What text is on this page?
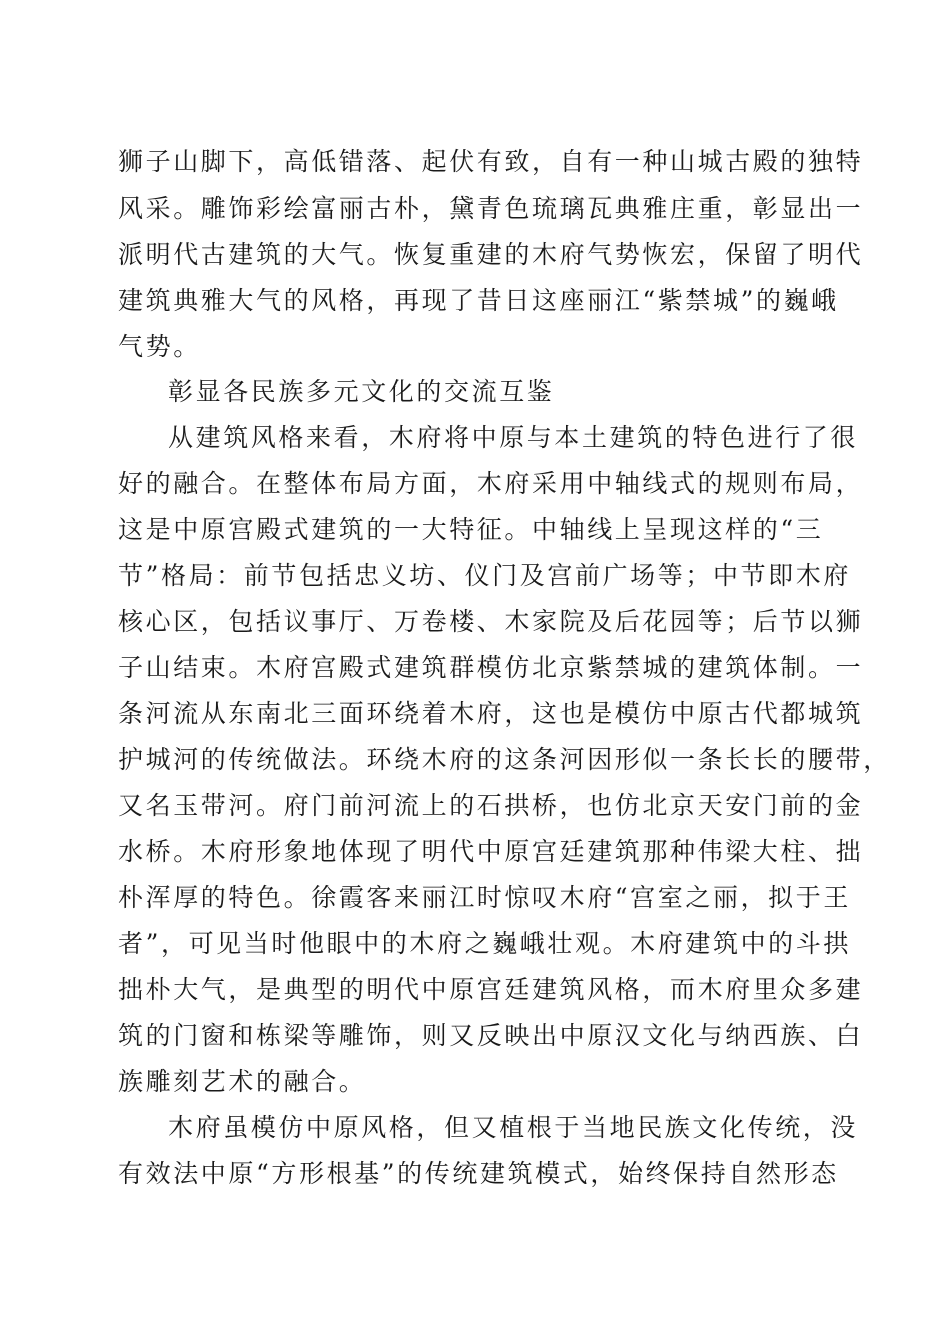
狮子山脚下，高低错落、起伏有致，自有一种山城古殿的独特
风采。雕饰彩绘富丽古朴，黛青色琉璃瓦典雅庄重，彰显出一
派明代古建筑的大气。恢复重建的木府气势恢宏，保留了明代
建筑典雅大气的风格，再现了昔日这座丽江“紫禁城”的巍峨
气势。
彰显各民族多元文化的交流互鉴
从建筑风格来看，木府将中原与本土建筑的特色进行了很
好的融合。在整体布局方面，木府采用中轴线式的规则布局，
这是中原宫殿式建筑的一大特征。中轴线上呈现这样的“三
节”格局：前节包括忠义坊、仪门及宫前广场等；中节即木府
核心区，包括议事厅、万卷楼、木家院及后花园等；后节以狮
子山结束。木府宫殿式建筑群模仿北京紫禁城的建筑体制。一
条河流从东南北三面环绕着木府，这也是模仿中原古代都城筑
护城河的传统做法。环绕木府的这条河因形似一条长长的腰带，
又名玉带河。府门前河流上的石拱桥，也仿北京天安门前的金
水桥。木府形象地体现了明代中原宫廷建筑那种伟梁大柱、拙
朴浑厚的特色。徐霞客来丽江时惊叹木府“宫室之丽，拟于王
者”，可见当时他眼中的木府之巍峨壮观。木府建筑中的斗拱
拙朴大气，是典型的明代中原宫廷建筑风格，而木府里众多建
筑的门窗和栋梁等雕饰，则又反映出中原汉文化与纳西族、白
族雕刻艺术的融合。
木府虽模仿中原风格，但又植根于当地民族文化传统，没
有效法中原“方形根基”的传统建筑模式，始终保持自然形态
